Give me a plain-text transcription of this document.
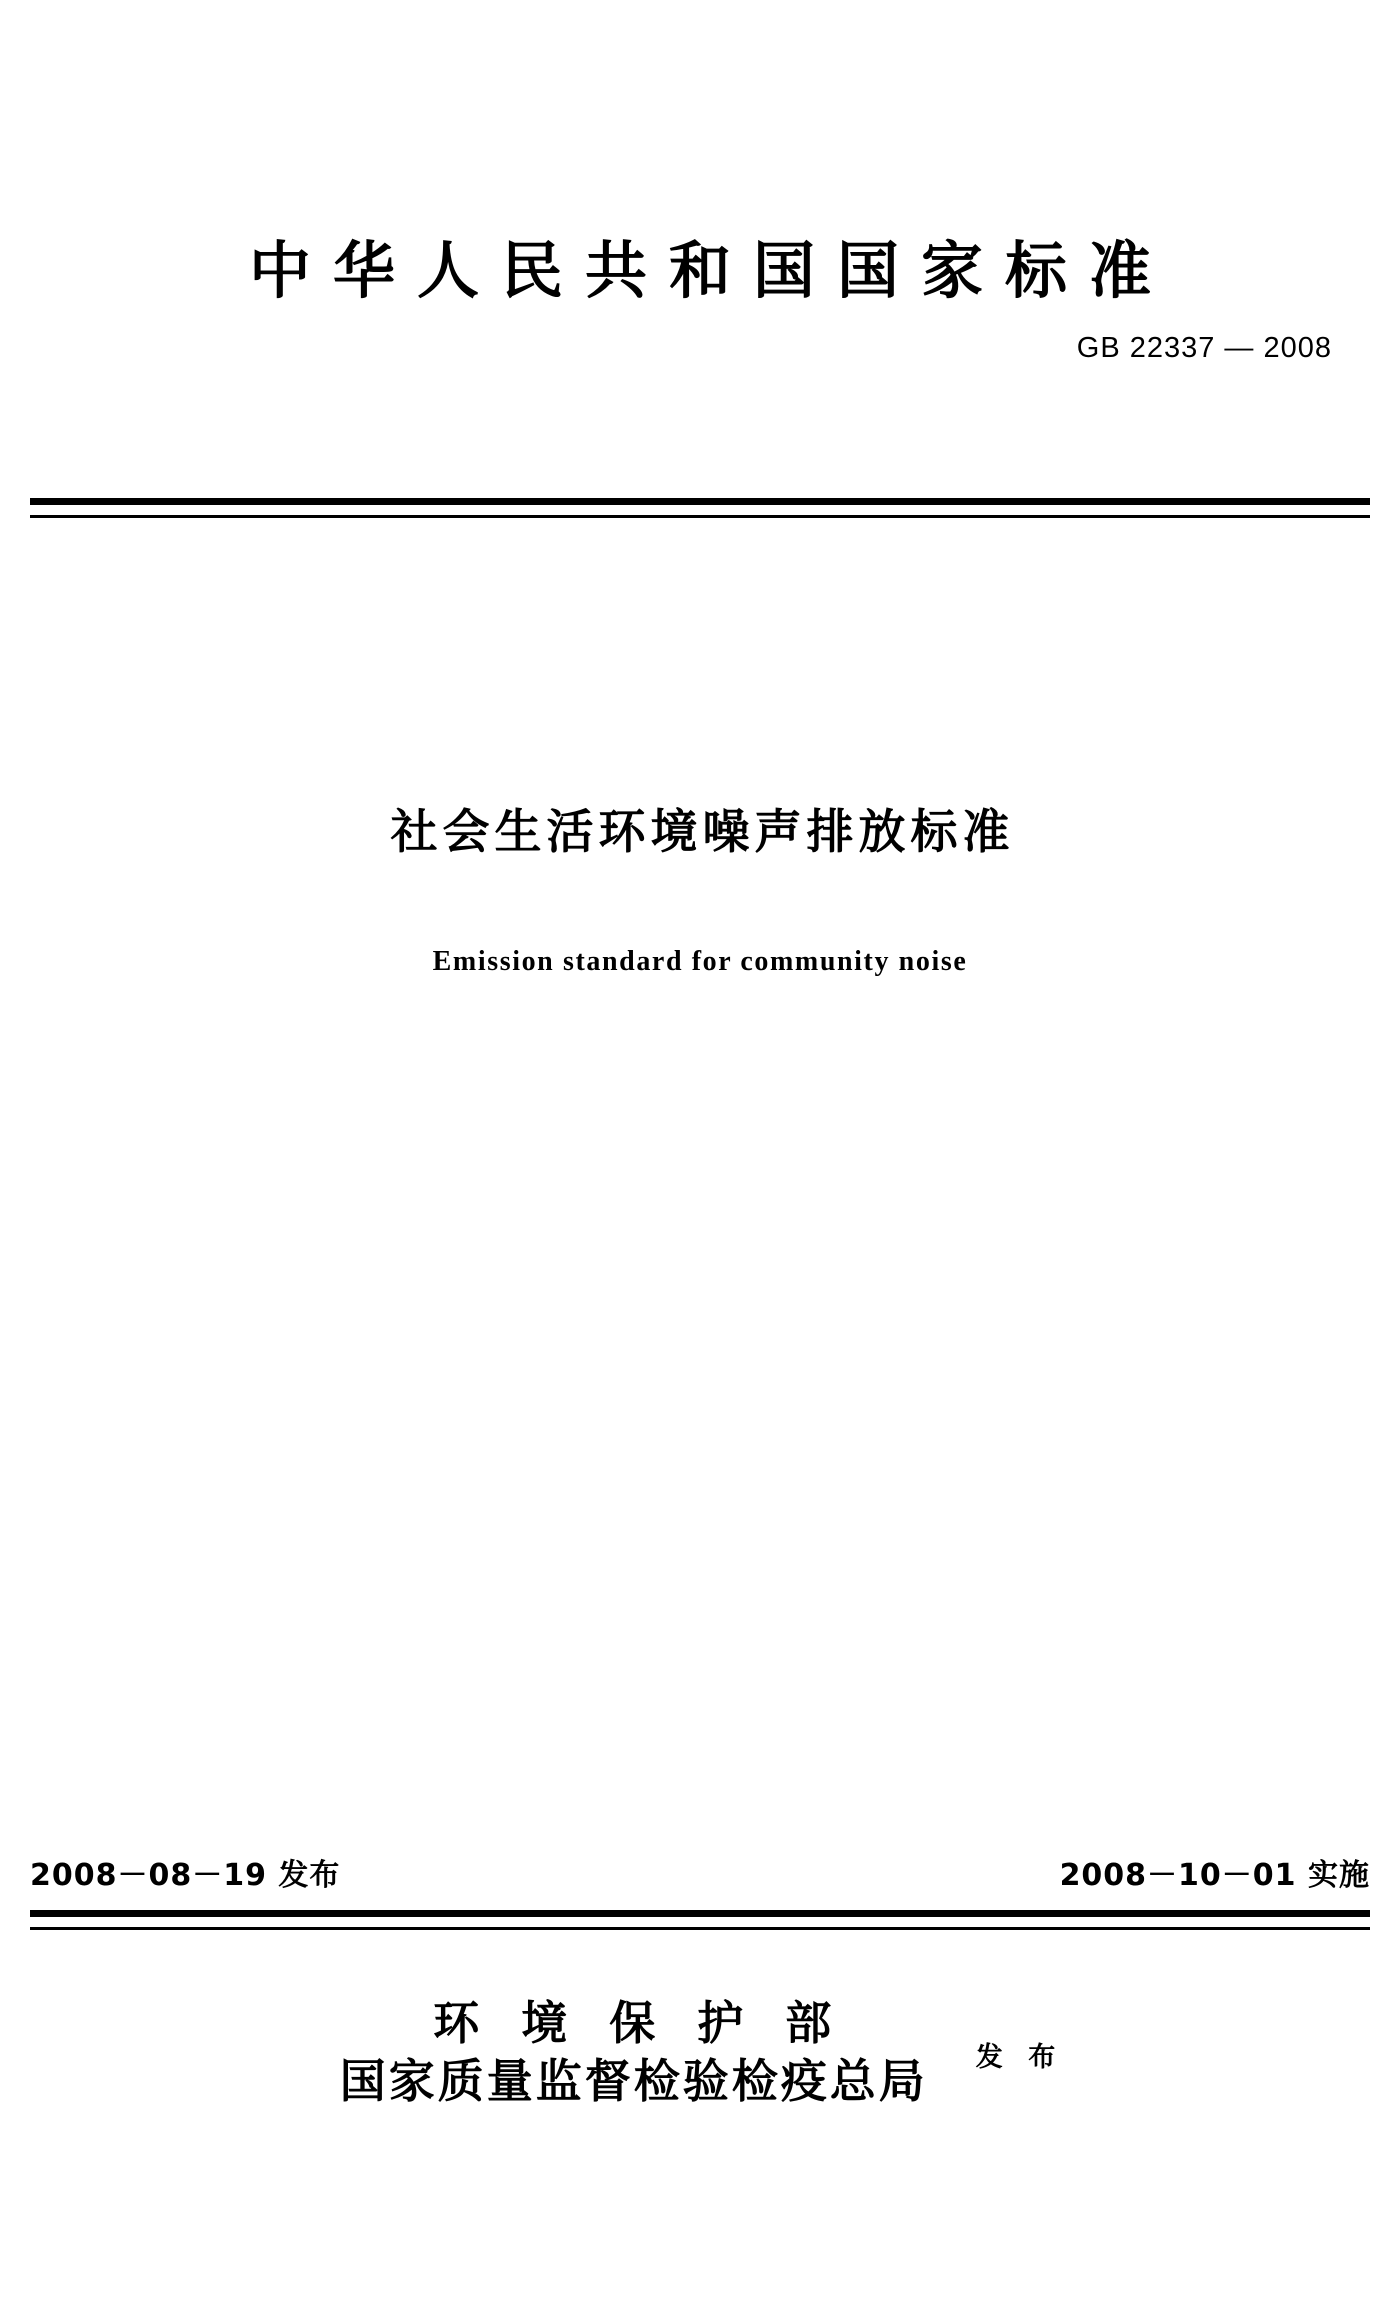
中华人民共和国国家标准
GB 22337 — 2008
社会生活环境噪声排放标准
Emission standard for community noise
2008－08－19 发布	2008－10－01 实施
环境保护部
国家质量监督检验检疫总局 发 布
